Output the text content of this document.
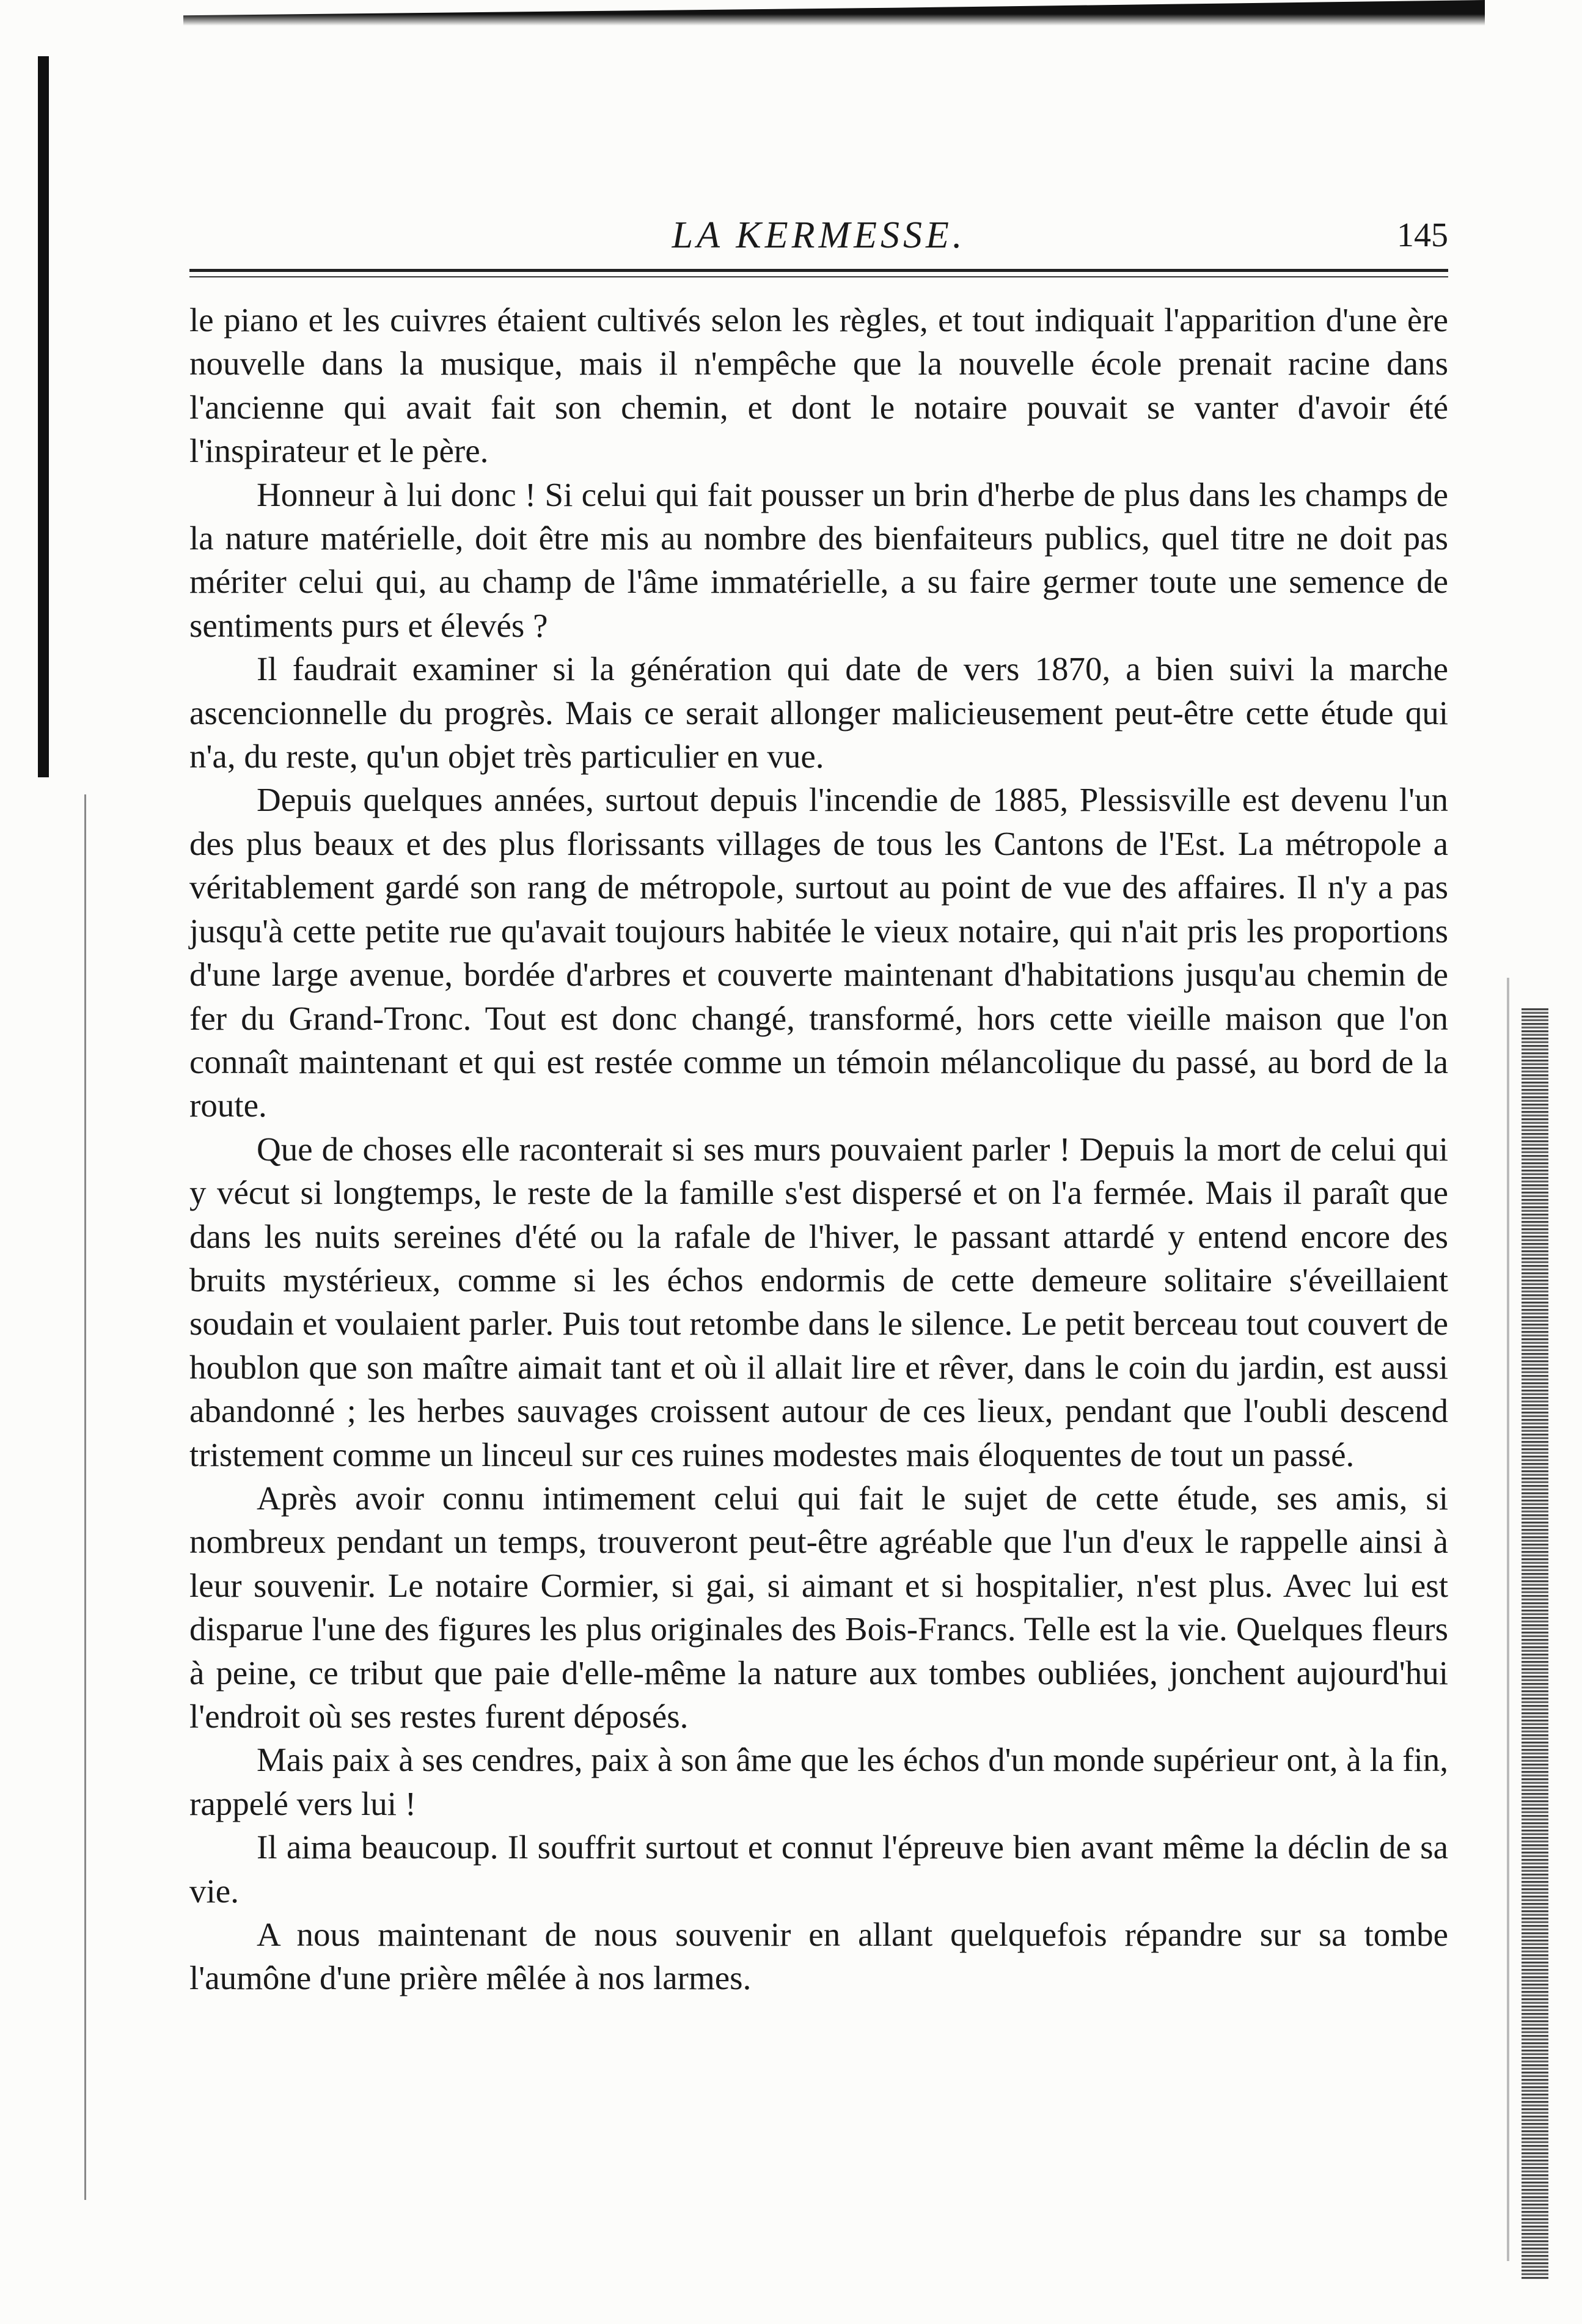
LA KERMESSE.	145

le piano et les cuivres étaient cultivés selon les règles, et tout indiquait l'apparition d'une ère nouvelle dans la musique, mais il n'empêche que la nouvelle école prenait racine dans l'ancienne qui avait fait son chemin, et dont le notaire pouvait se vanter d'avoir été l'inspirateur et le père.

Honneur à lui donc ! Si celui qui fait pousser un brin d'herbe de plus dans les champs de la nature matérielle, doit être mis au nombre des bienfaiteurs publics, quel titre ne doit pas mériter celui qui, au champ de l'âme immatérielle, a su faire germer toute une semence de sentiments purs et élevés ?

Il faudrait examiner si la génération qui date de vers 1870, a bien suivi la marche ascencionnelle du progrès. Mais ce serait allonger malicieusement peut-être cette étude qui n'a, du reste, qu'un objet très particulier en vue.

Depuis quelques années, surtout depuis l'incendie de 1885, Plessisville est devenu l'un des plus beaux et des plus florissants villages de tous les Cantons de l'Est. La métropole a véritablement gardé son rang de métropole, surtout au point de vue des affaires. Il n'y a pas jusqu'à cette petite rue qu'avait toujours habitée le vieux notaire, qui n'ait pris les proportions d'une large avenue, bordée d'arbres et couverte maintenant d'habitations jusqu'au chemin de fer du Grand-Tronc. Tout est donc changé, transformé, hors cette vieille maison que l'on connaît maintenant et qui est restée comme un témoin mélancolique du passé, au bord de la route.

Que de choses elle raconterait si ses murs pouvaient parler ! Depuis la mort de celui qui y vécut si longtemps, le reste de la famille s'est dispersé et on l'a fermée. Mais il paraît que dans les nuits sereines d'été ou la rafale de l'hiver, le passant attardé y entend encore des bruits mystérieux, comme si les échos endormis de cette demeure solitaire s'éveillaient soudain et voulaient parler. Puis tout retombe dans le silence. Le petit berceau tout couvert de houblon que son maître aimait tant et où il allait lire et rêver, dans le coin du jardin, est aussi abandonné ; les herbes sauvages croissent autour de ces lieux, pendant que l'oubli descend tristement comme un linceul sur ces ruines modestes mais éloquentes de tout un passé.

Après avoir connu intimement celui qui fait le sujet de cette étude, ses amis, si nombreux pendant un temps, trouveront peut-être agréable que l'un d'eux le rappelle ainsi à leur souvenir. Le notaire Cormier, si gai, si aimant et si hospitalier, n'est plus. Avec lui est disparue l'une des figures les plus originales des Bois-Francs. Telle est la vie. Quelques fleurs à peine, ce tribut que paie d'elle-même la nature aux tombes oubliées, jonchent aujourd'hui l'endroit où ses restes furent déposés.

Mais paix à ses cendres, paix à son âme que les échos d'un monde supérieur ont, à la fin, rappelé vers lui !

Il aima beaucoup. Il souffrit surtout et connut l'épreuve bien avant même la déclin de sa vie.

A nous maintenant de nous souvenir en allant quelquefois répandre sur sa tombe l'aumône d'une prière mêlée à nos larmes.
